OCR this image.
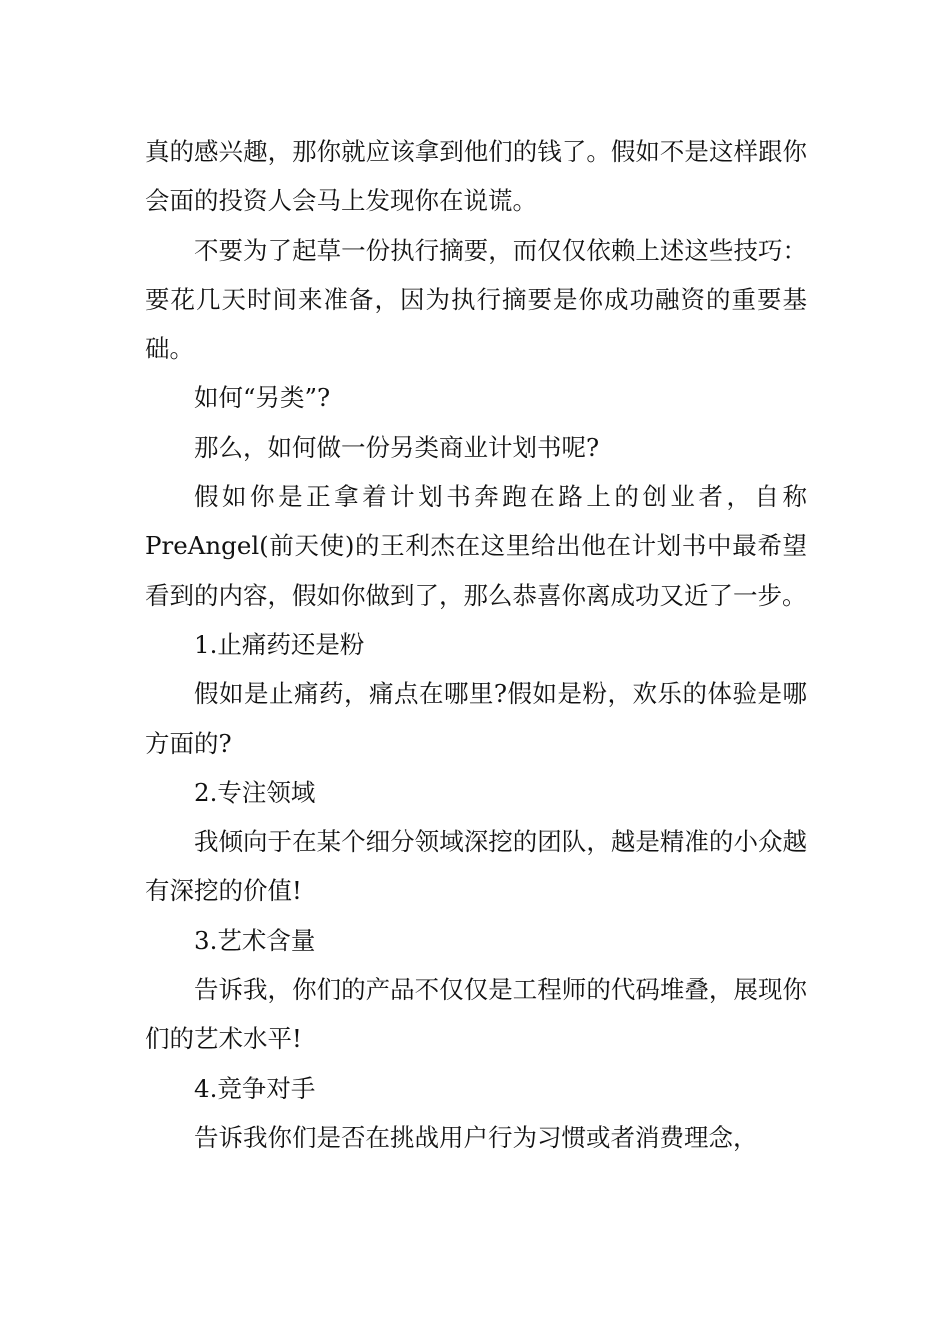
真的感兴趣，那你就应该拿到他们的钱了。假如不是这样跟你会面的投资人会马上发现你在说谎。

不要为了起草一份执行摘要，而仅仅依赖上述这些技巧：要花几天时间来准备，因为执行摘要是你成功融资的重要基础。

如何“另类”?

那么，如何做一份另类商业计划书呢?

假如你是正拿着计划书奔跑在路上的创业者，自称PreAngel(前天使)的王利杰在这里给出他在计划书中最希望看到的内容，假如你做到了，那么恭喜你离成功又近了一步。

1.止痛药还是粉

假如是止痛药，痛点在哪里?假如是粉，欢乐的体验是哪方面的?

2.专注领域

我倾向于在某个细分领域深挖的团队，越是精准的小众越有深挖的价值!

3.艺术含量

告诉我，你们的产品不仅仅是工程师的代码堆叠，展现你们的艺术水平!

4.竞争对手

告诉我你们是否在挑战用户行为习惯或者消费理念，
